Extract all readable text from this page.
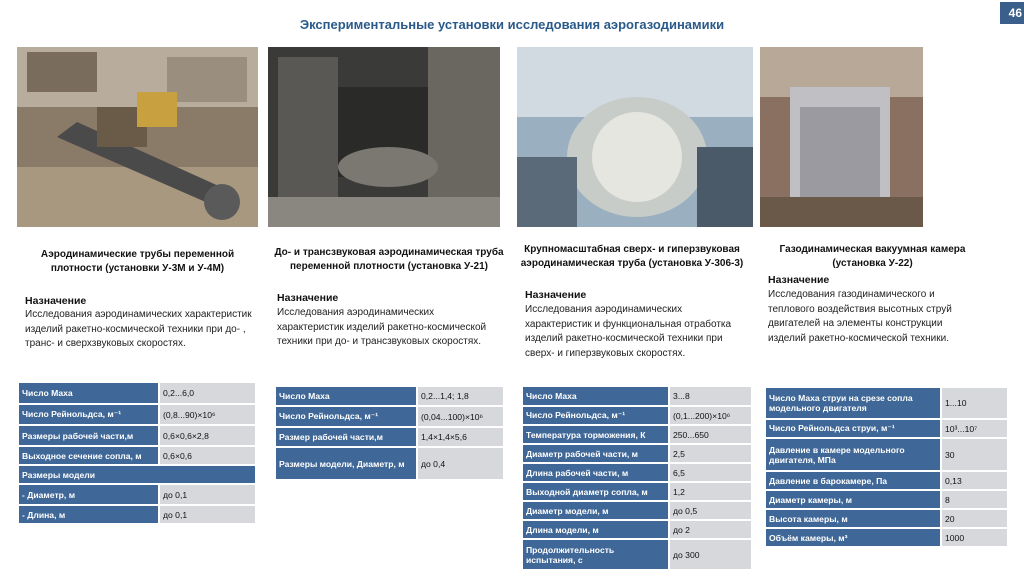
Экспериментальные установки исследования аэрогазодинамики
46
Аэродинамические трубы переменной плотности (установки У-3М и У-4М)
Назначение
Исследования аэродинамических характеристик изделий ракетно-космической техники при до- , транс- и сверхзвуковых скоростях.
Число Маха	0,2...6,0
Число Рейнольдса, м⁻¹	(0,8...90)×10⁶
Размеры рабочей части,м	0,6×0,6×2,8
Выходное сечение сопла, м	0,6×0,6
Размеры модели	
- Диаметр, м	до 0,1
- Длина, м	до 0,1
До- и трансзвуковая аэродинамическая труба переменной плотности (установка У-21)
Назначение
Исследования аэродинамических характеристик изделий ракетно-космической техники при до- и трансзвуковых скоростях.
Число Маха	0,2...1,4; 1,8
Число Рейнольдса, м⁻¹	(0,04...100)×10⁶
Размер рабочей части,м	1,4×1,4×5,6
Размеры модели, Диаметр, м	до 0,4
Крупномасштабная сверх- и гиперзвуковая аэродинамическая труба (установка У-306-3)
Назначение
Исследования аэродинамических характеристик и функциональная отработка изделий ракетно-космической техники при сверх- и гиперзвуковых скоростях.
Число Маха	3...8
Число Рейнольдса, м⁻¹	(0,1...200)×10⁶
Температура торможения, К	250...650
Диаметр рабочей части, м	2,5
Длина рабочей части, м	6,5
Выходной диаметр сопла, м	1,2
Диаметр модели, м	до 0,5
Длина модели, м	до 2
Продолжительность испытания, с	до 300
Газодинамическая вакуумная камера (установка У-22)
Назначение
Исследования газодинамического и теплового воздействия высотных струй двигателей на элементы конструкции изделий ракетно-космической техники.
Число Маха струи на срезе сопла модельного двигателя	1...10
Число Рейнольдса струи, м⁻¹	10³...10⁷
Давление в камере модельного двигателя, МПа	30
Давление в барокамере, Па	0,13
Диаметр камеры, м	8
Высота камеры, м	20
Объём камеры, м³	1000
